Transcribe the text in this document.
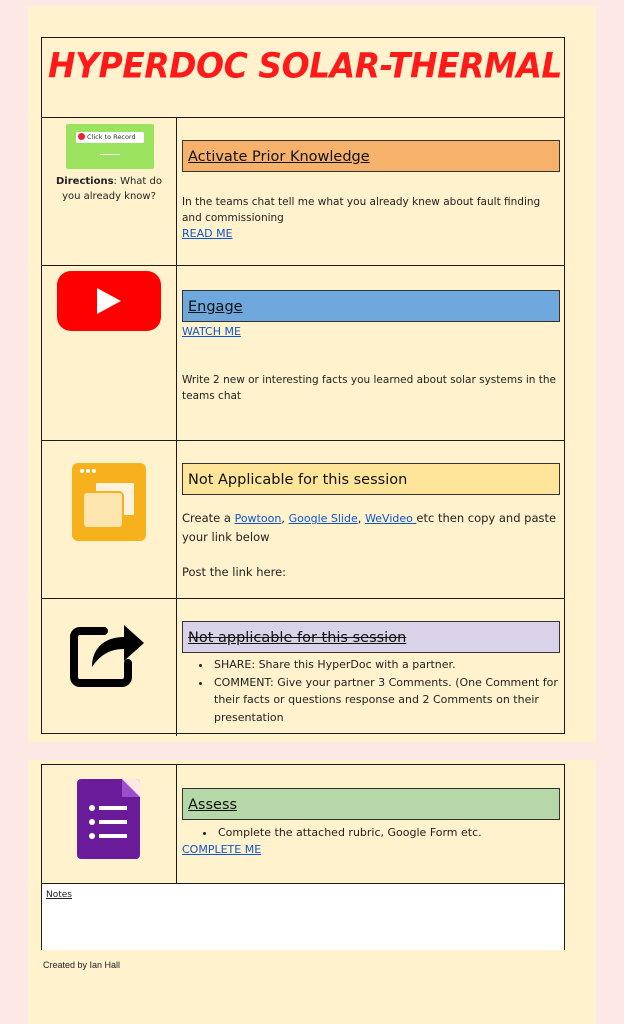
HYPERDOC SOLAR-THERMAL
Click to Record
Directions: What do you already know?
Activate Prior Knowledge
In the teams chat tell me what you already knew about fault finding and commissioning
READ ME
Engage
WATCH ME
Write 2 new or interesting facts you learned about solar systems in the teams chat
Not Applicable for this session
Create a Powtoon, Google Slide, WeVideo etc then copy and paste your link below
Post the link here:
Not applicable for this session
• SHARE: Share this HyperDoc with a partner.
• COMMENT: Give your partner 3 Comments. (One Comment for their facts or questions response and 2 Comments on their presentation
Assess
• Complete the attached rubric, Google Form etc.
COMPLETE ME
Notes
Created by Ian Hall
